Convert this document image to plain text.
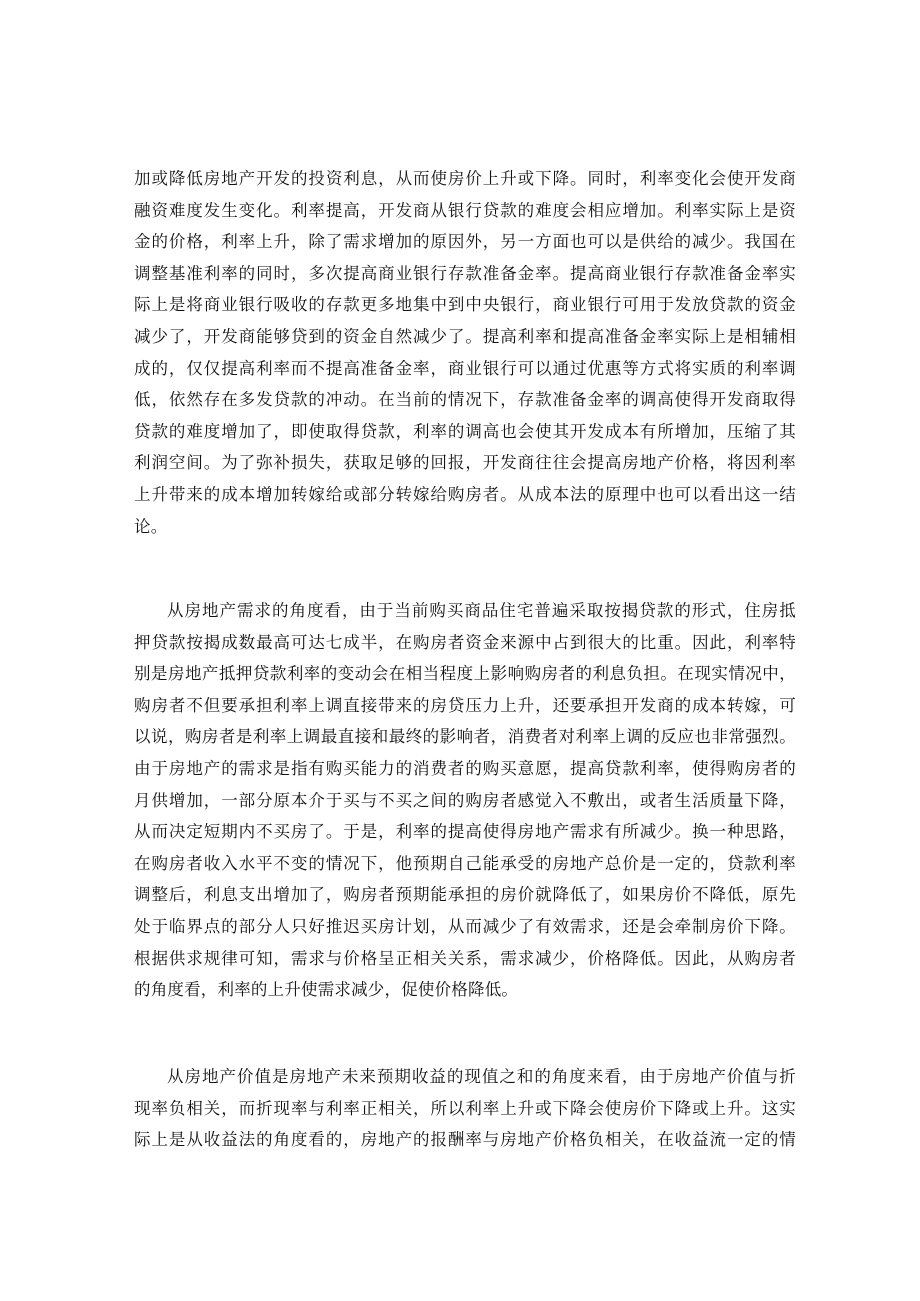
加或降低房地产开发的投资利息，从而使房价上升或下降。同时，利率变化会使开发商
融资难度发生变化。利率提高，开发商从银行贷款的难度会相应增加。利率实际上是资
金的价格，利率上升，除了需求增加的原因外，另一方面也可以是供给的减少。我国在
调整基准利率的同时，多次提高商业银行存款准备金率。提高商业银行存款准备金率实
际上是将商业银行吸收的存款更多地集中到中央银行，商业银行可用于发放贷款的资金
减少了，开发商能够贷到的资金自然减少了。提高利率和提高准备金率实际上是相辅相
成的，仅仅提高利率而不提高准备金率，商业银行可以通过优惠等方式将实质的利率调
低，依然存在多发贷款的冲动。在当前的情况下，存款准备金率的调高使得开发商取得
贷款的难度增加了，即使取得贷款，利率的调高也会使其开发成本有所增加，压缩了其
利润空间。为了弥补损失，获取足够的回报，开发商往往会提高房地产价格，将因利率
上升带来的成本增加转嫁给或部分转嫁给购房者。从成本法的原理中也可以看出这一结
论。
从房地产需求的角度看，由于当前购买商品住宅普遍采取按揭贷款的形式，住房抵
押贷款按揭成数最高可达七成半，在购房者资金来源中占到很大的比重。因此，利率特
别是房地产抵押贷款利率的变动会在相当程度上影响购房者的利息负担。在现实情况中，
购房者不但要承担利率上调直接带来的房贷压力上升，还要承担开发商的成本转嫁，可
以说，购房者是利率上调最直接和最终的影响者，消费者对利率上调的反应也非常强烈。
由于房地产的需求是指有购买能力的消费者的购买意愿，提高贷款利率，使得购房者的
月供增加，一部分原本介于买与不买之间的购房者感觉入不敷出，或者生活质量下降，
从而决定短期内不买房了。于是，利率的提高使得房地产需求有所减少。换一种思路，
在购房者收入水平不变的情况下，他预期自己能承受的房地产总价是一定的，贷款利率
调整后，利息支出增加了，购房者预期能承担的房价就降低了，如果房价不降低，原先
处于临界点的部分人只好推迟买房计划，从而减少了有效需求，还是会牵制房价下降。
根据供求规律可知，需求与价格呈正相关关系，需求减少，价格降低。因此，从购房者
的角度看，利率的上升使需求减少，促使价格降低。
从房地产价值是房地产未来预期收益的现值之和的角度来看，由于房地产价值与折
现率负相关，而折现率与利率正相关，所以利率上升或下降会使房价下降或上升。这实
际上是从收益法的角度看的，房地产的报酬率与房地产价格负相关，在收益流一定的情
